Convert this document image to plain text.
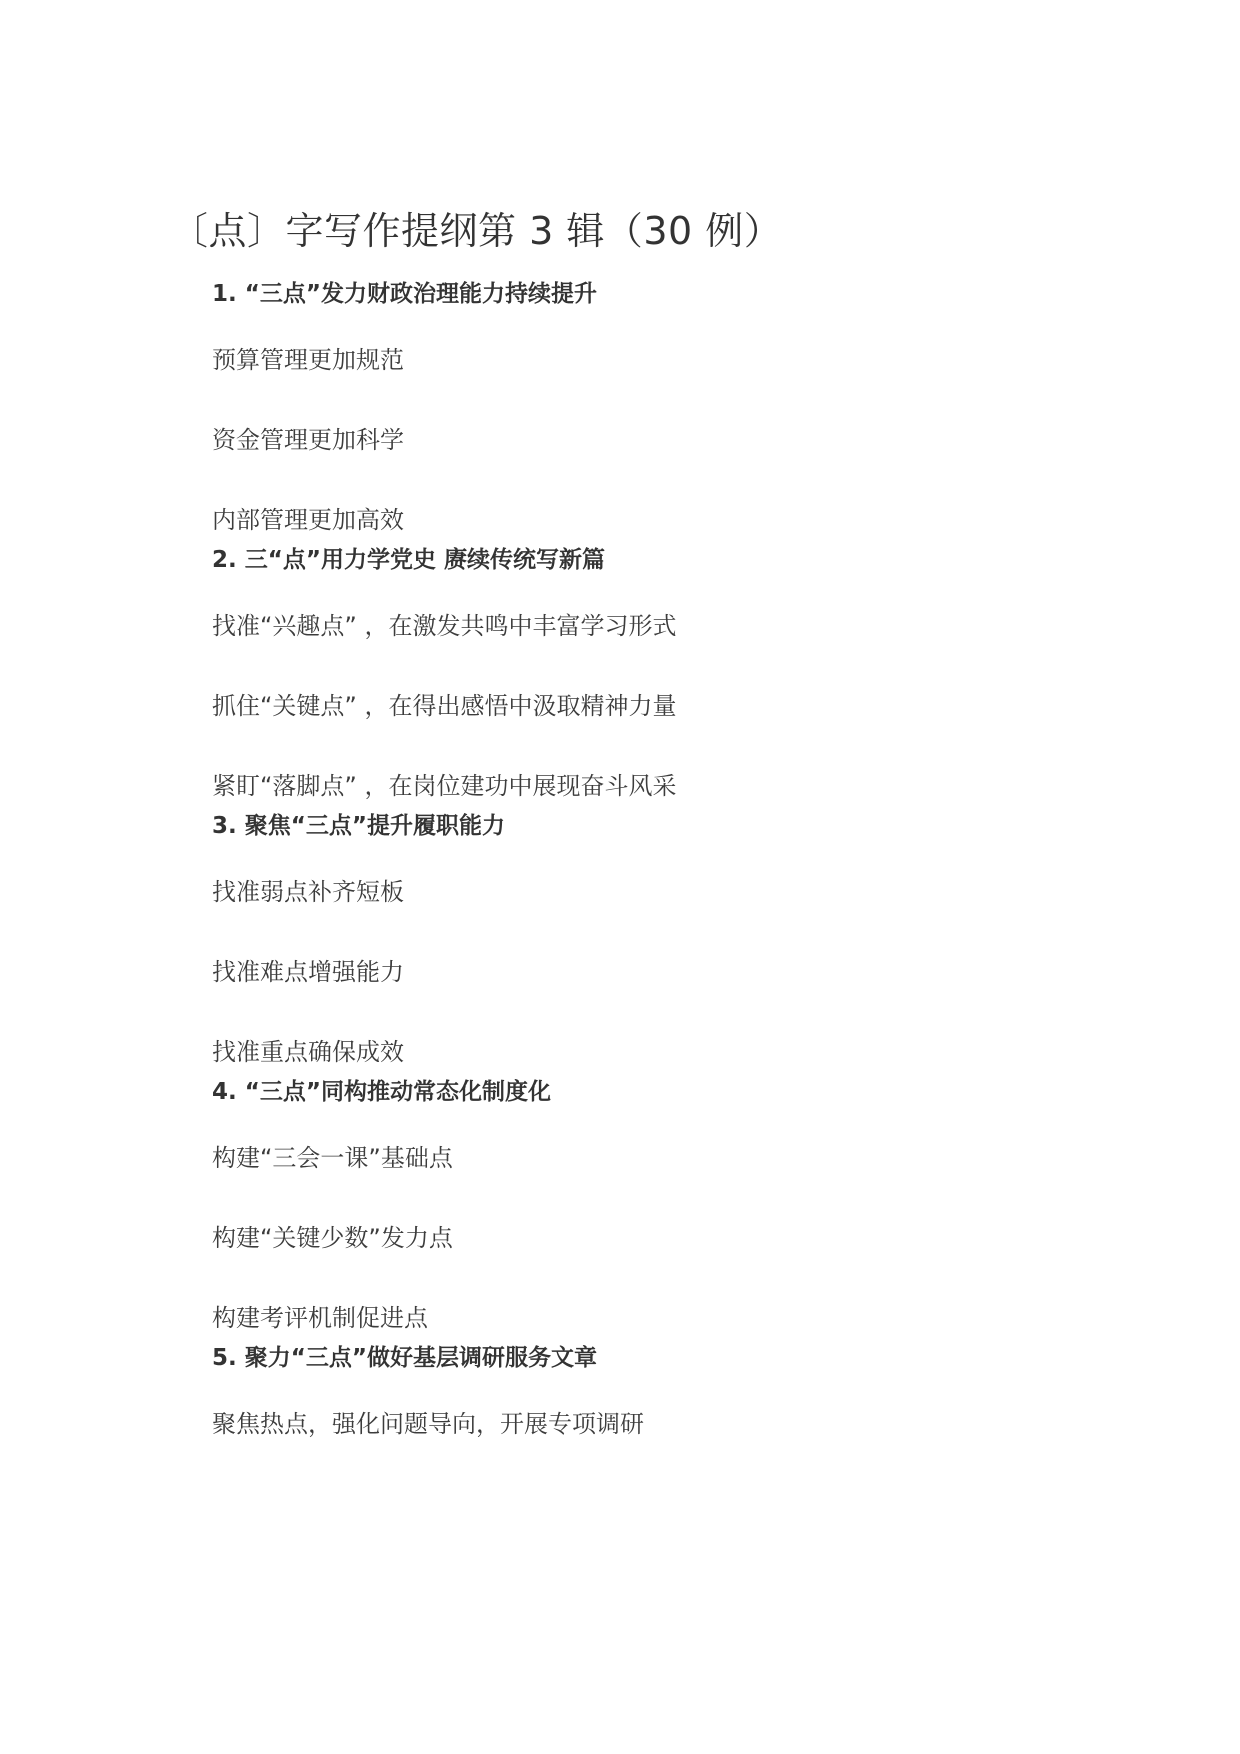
〔点〕字写作提纲第 3 辑（30 例）

1. “三点”发力财政治理能力持续提升

预算管理更加规范

资金管理更加科学

内部管理更加高效

2. 三“点”用力学党史 赓续传统写新篇

找准“兴趣点” ，在激发共鸣中丰富学习形式

抓住“关键点” ，在得出感悟中汲取精神力量

紧盯“落脚点” ，在岗位建功中展现奋斗风采

3. 聚焦“三点”提升履职能力

找准弱点补齐短板

找准难点增强能力

找准重点确保成效

4. “三点”同构推动常态化制度化

构建“三会一课”基础点

构建“关键少数”发力点

构建考评机制促进点

5. 聚力“三点”做好基层调研服务文章

聚焦热点，强化问题导向，开展专项调研
